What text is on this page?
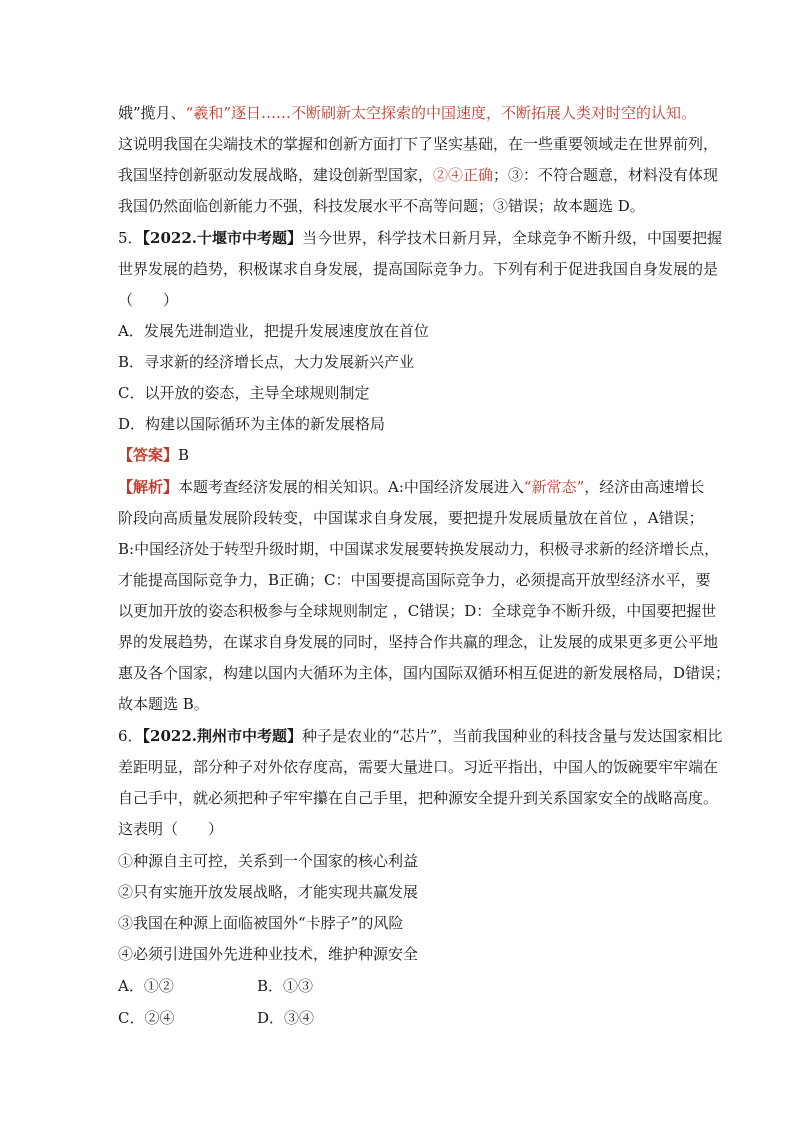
娥”揽月、“羲和”逐日……不断刷新太空探索的中国速度，不断拓展人类对时空的认知。
这说明我国在尖端技术的掌握和创新方面打下了坚实基础，在一些重要领域走在世界前列，
我国坚持创新驱动发展战略，建设创新型国家，②④正确；③：不符合题意，材料没有体现
我国仍然面临创新能力不强，科技发展水平不高等问题；③错误；故本题选 D。
5．【2022.十堰市中考题】当今世界，科学技术日新月异，全球竞争不断升级，中国要把握
世界发展的趋势，积极谋求自身发展，提高国际竞争力。下列有利于促进我国自身发展的是
（　　）
A．发展先进制造业，把提升发展速度放在首位
B．寻求新的经济增长点，大力发展新兴产业
C．以开放的姿态，主导全球规则制定
D．构建以国际循环为主体的新发展格局
【答案】B
【解析】本题考查经济发展的相关知识。A:中国经济发展进入“新常态”，经济由高速增长
阶段向高质量发展阶段转变，中国谋求自身发展，要把提升发展质量放在首位 ，A错误；
B:中国经济处于转型升级时期，中国谋求发展要转换发展动力，积极寻求新的经济增长点，
才能提高国际竞争力，B正确；C：中国要提高国际竞争力，必须提高开放型经济水平，要
以更加开放的姿态积极参与全球规则制定 ，C错误；D：全球竞争不断升级，中国要把握世
界的发展趋势，在谋求自身发展的同时，坚持合作共赢的理念，让发展的成果更多更公平地
惠及各个国家，构建以国内大循环为主体，国内国际双循环相互促进的新发展格局，D错误；
故本题选 B。
6．【2022.荆州市中考题】种子是农业的“芯片”，当前我国种业的科技含量与发达国家相比
差距明显，部分种子对外依存度高，需要大量进口。习近平指出，中国人的饭碗要牢牢端在
自己手中，就必须把种子牢牢攥在自己手里，把种源安全提升到关系国家安全的战略高度。
这表明（　　）
①种源自主可控，关系到一个国家的核心利益
②只有实施开放发展战略，才能实现共赢发展
③我国在种源上面临被国外“卡脖子”的风险
④必须引进国外先进种业技术，维护种源安全
A．①②	B．①③
C．②④	D．③④
